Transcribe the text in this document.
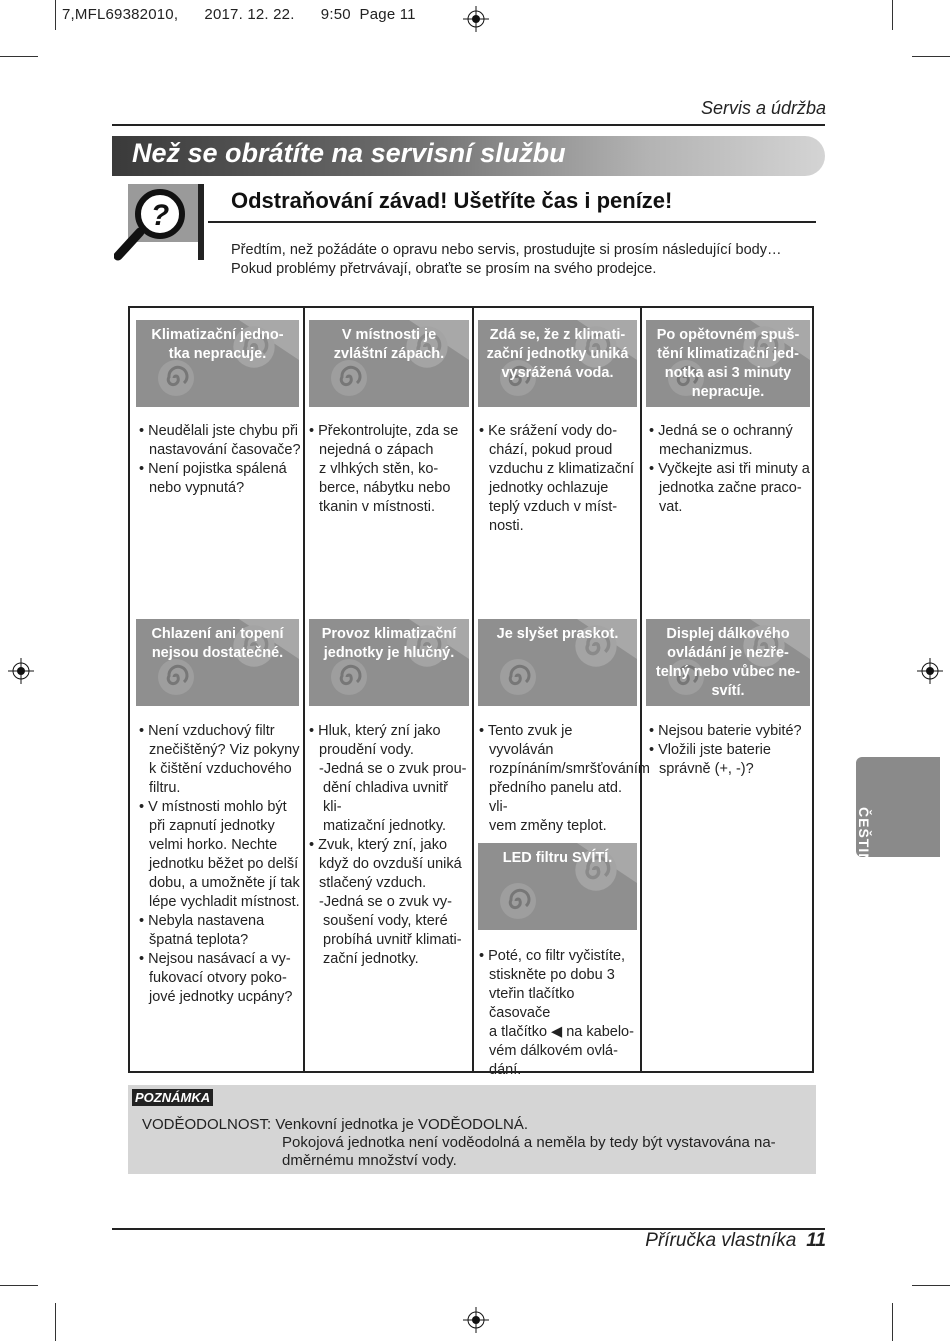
7,MFL69382010,      2017. 12. 22.      9:50  Page 11
Servis a údržba
Než se obrátíte na servisní službu
?	Odstraňování závad! Ušetříte čas i peníze!
Předtím, než požádáte o opravu nebo servis, prostudujte si prosím následující body…
Pokud problémy přetrvávají, obraťte se prosím na svého prodejce.
Klimatizační jedno-
tka nepracuje.
V místnosti je
zvláštní zápach.
Zdá se, že z klimati-
zační jednotky uniká
vysrážená voda.
Po opětovném spuš-
tění klimatizační jed-
notka asi 3 minuty
nepracuje.

• Neudělali jste chybu při

nastavování časovače?

• Není pojistka spálená

nebo vypnutá?

• Překontrolujte, zda se

nejedná o zápach

z vlhkých stěn, ko-

berce, nábytku nebo

tkanin v místnosti.

• Ke srážení vody do-

chází, pokud proud

vzduchu z klimatizační

jednotky ochlazuje

teplý vzduch v míst-

nosti.

• Jedná se o ochranný

mechanizmus.

• Vyčkejte asi tři minuty a

jednotka začne praco-

vat.

Chlazení ani topení
nejsou dostatečné.
Provoz klimatizační
jednotky je hlučný.
Je slyšet praskot.	Displej dálkového
ovládání je nezře-
telný nebo vůbec ne-
svítí.

• Není vzduchový filtr

znečištěný? Viz pokyny

k čištění vzduchového

filtru.

• V místnosti mohlo být

při zapnutí jednotky

velmi horko. Nechte

jednotku běžet po delší

dobu, a umožněte jí tak

lépe vychladit místnost.

• Nebyla nastavena

špatná teplota?

• Nejsou nasávací a vy-

fukovací otvory poko-

jové jednotky ucpány?

• Hluk, který zní jako

proudění vody.

-Jedná se o zvuk prou-

dění chladiva uvnitř kli-

matizační jednotky.

• Zvuk, který zní, jako

když do ovzduší uniká

stlačený vzduch.

-Jedná se o zvuk vy-

soušení vody, které

probíhá uvnitř klimati-

zační jednotky.

• Tento zvuk je vyvoláván

rozpínáním/smršťováním

předního panelu atd. vli-

vem změny teplot.

• Nejsou baterie vybité?

• Vložili jste baterie

správně (+, -)?

LED filtru SVÍTÍ.

• Poté, co filtr vyčistíte,

stiskněte po dobu 3

vteřin tlačítko časovače

a tlačítko ◀ na kabelo-

vém dálkovém ovlá-

dání.

POZNÁMKA
VODĚODOLNOST: Venkovní jednotka je VODĚODOLNÁ.
Pokojová jednotka není voděodolná a neměla by tedy být vystavována na-
dměrnému množství vody.
ČEŠTINA
Příručka vlastníka 11
